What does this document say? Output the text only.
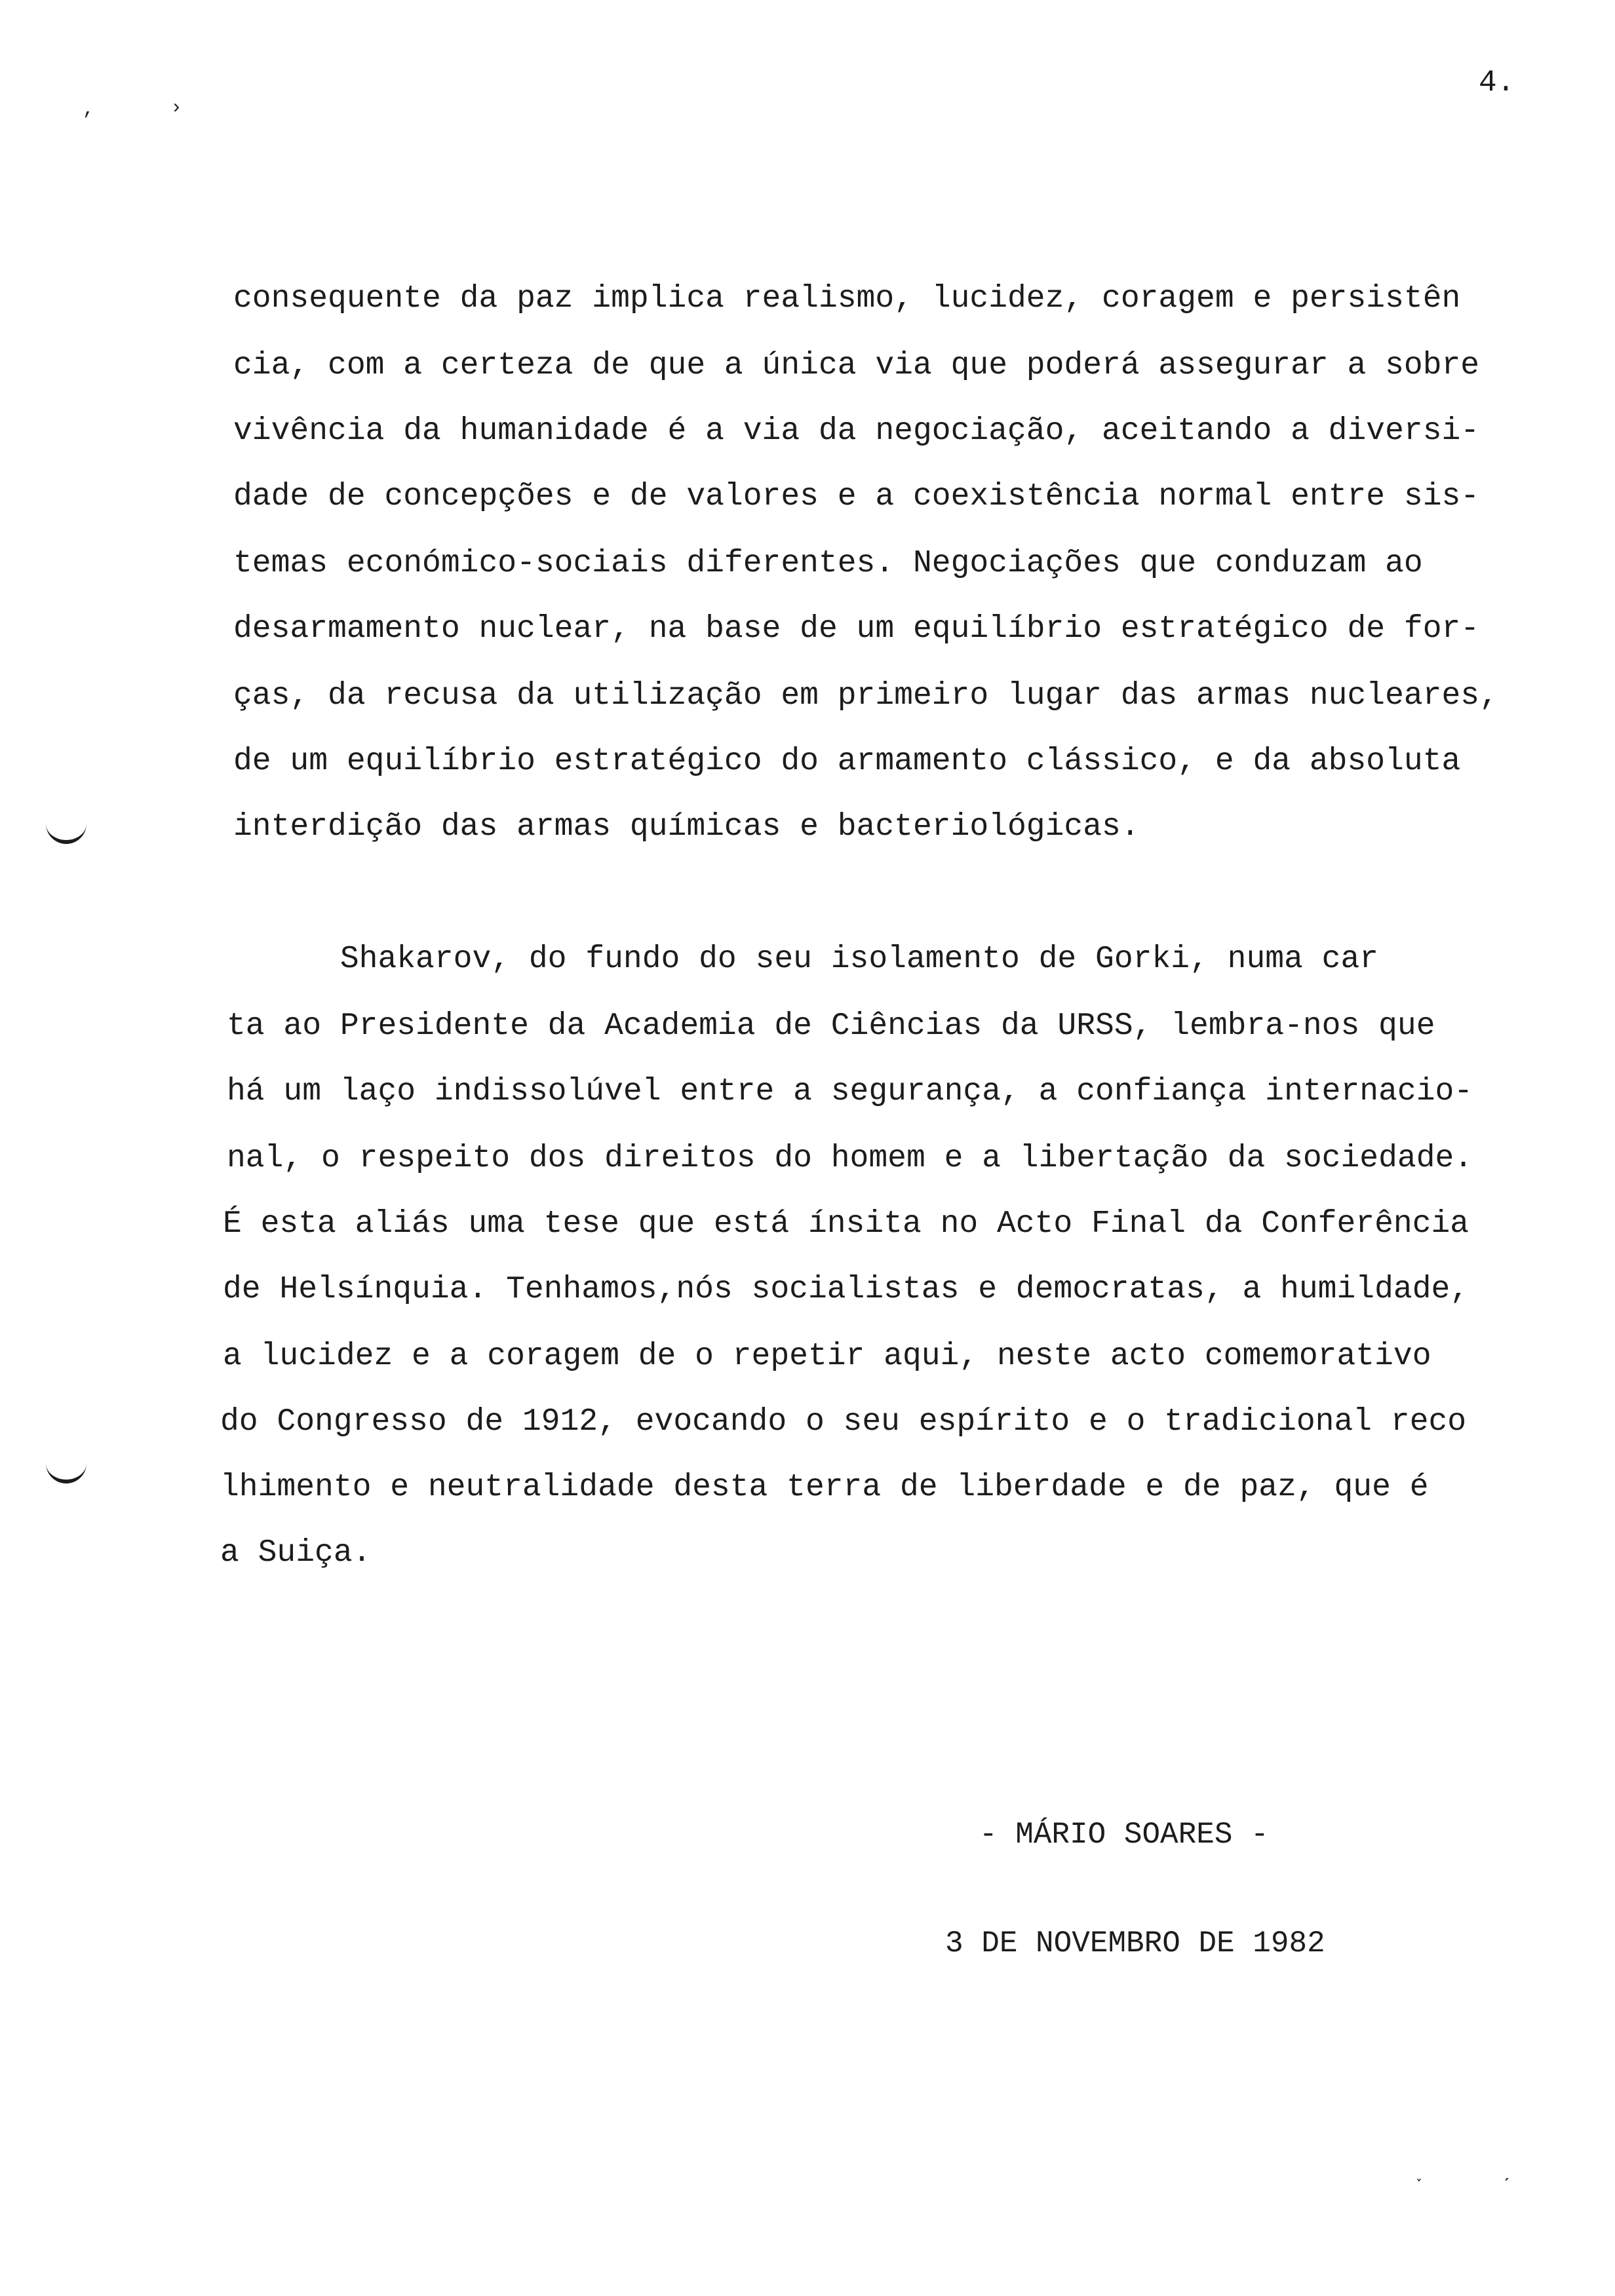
4.
,	›
˯	ˏ
consequente da paz implica realismo, lucidez, coragem e persistên
cia, com a certeza de que a única via que poderá assegurar a sobre
vivência da humanidade é a via da negociação, aceitando a diversi-
dade de concepções e de valores e a coexistência normal entre sis-
temas económico-sociais diferentes. Negociações que conduzam ao
desarmamento nuclear, na base de um equilíbrio estratégico de for-
ças, da recusa da utilização em primeiro lugar das armas nucleares,
de um equilíbrio estratégico do armamento clássico, e da absoluta
interdição das armas químicas e bacteriológicas.
Shakarov, do fundo do seu isolamento de Gorki, numa car
ta ao Presidente da Academia de Ciências da URSS, lembra-nos que
há um laço indissolúvel entre a segurança, a confiança internacio-
nal, o respeito dos direitos do homem e a libertação da sociedade.
É esta aliás uma tese que está ínsita no Acto Final da Conferência
de Helsínquia. Tenhamos,nós socialistas e democratas, a humildade,
a lucidez e a coragem de o repetir aqui, neste acto comemorativo
do Congresso de 1912, evocando o seu espírito e o tradicional reco
lhimento e neutralidade desta terra de liberdade e de paz, que é
a Suiça.
- MÁRIO SOARES -
3 DE NOVEMBRO DE 1982
